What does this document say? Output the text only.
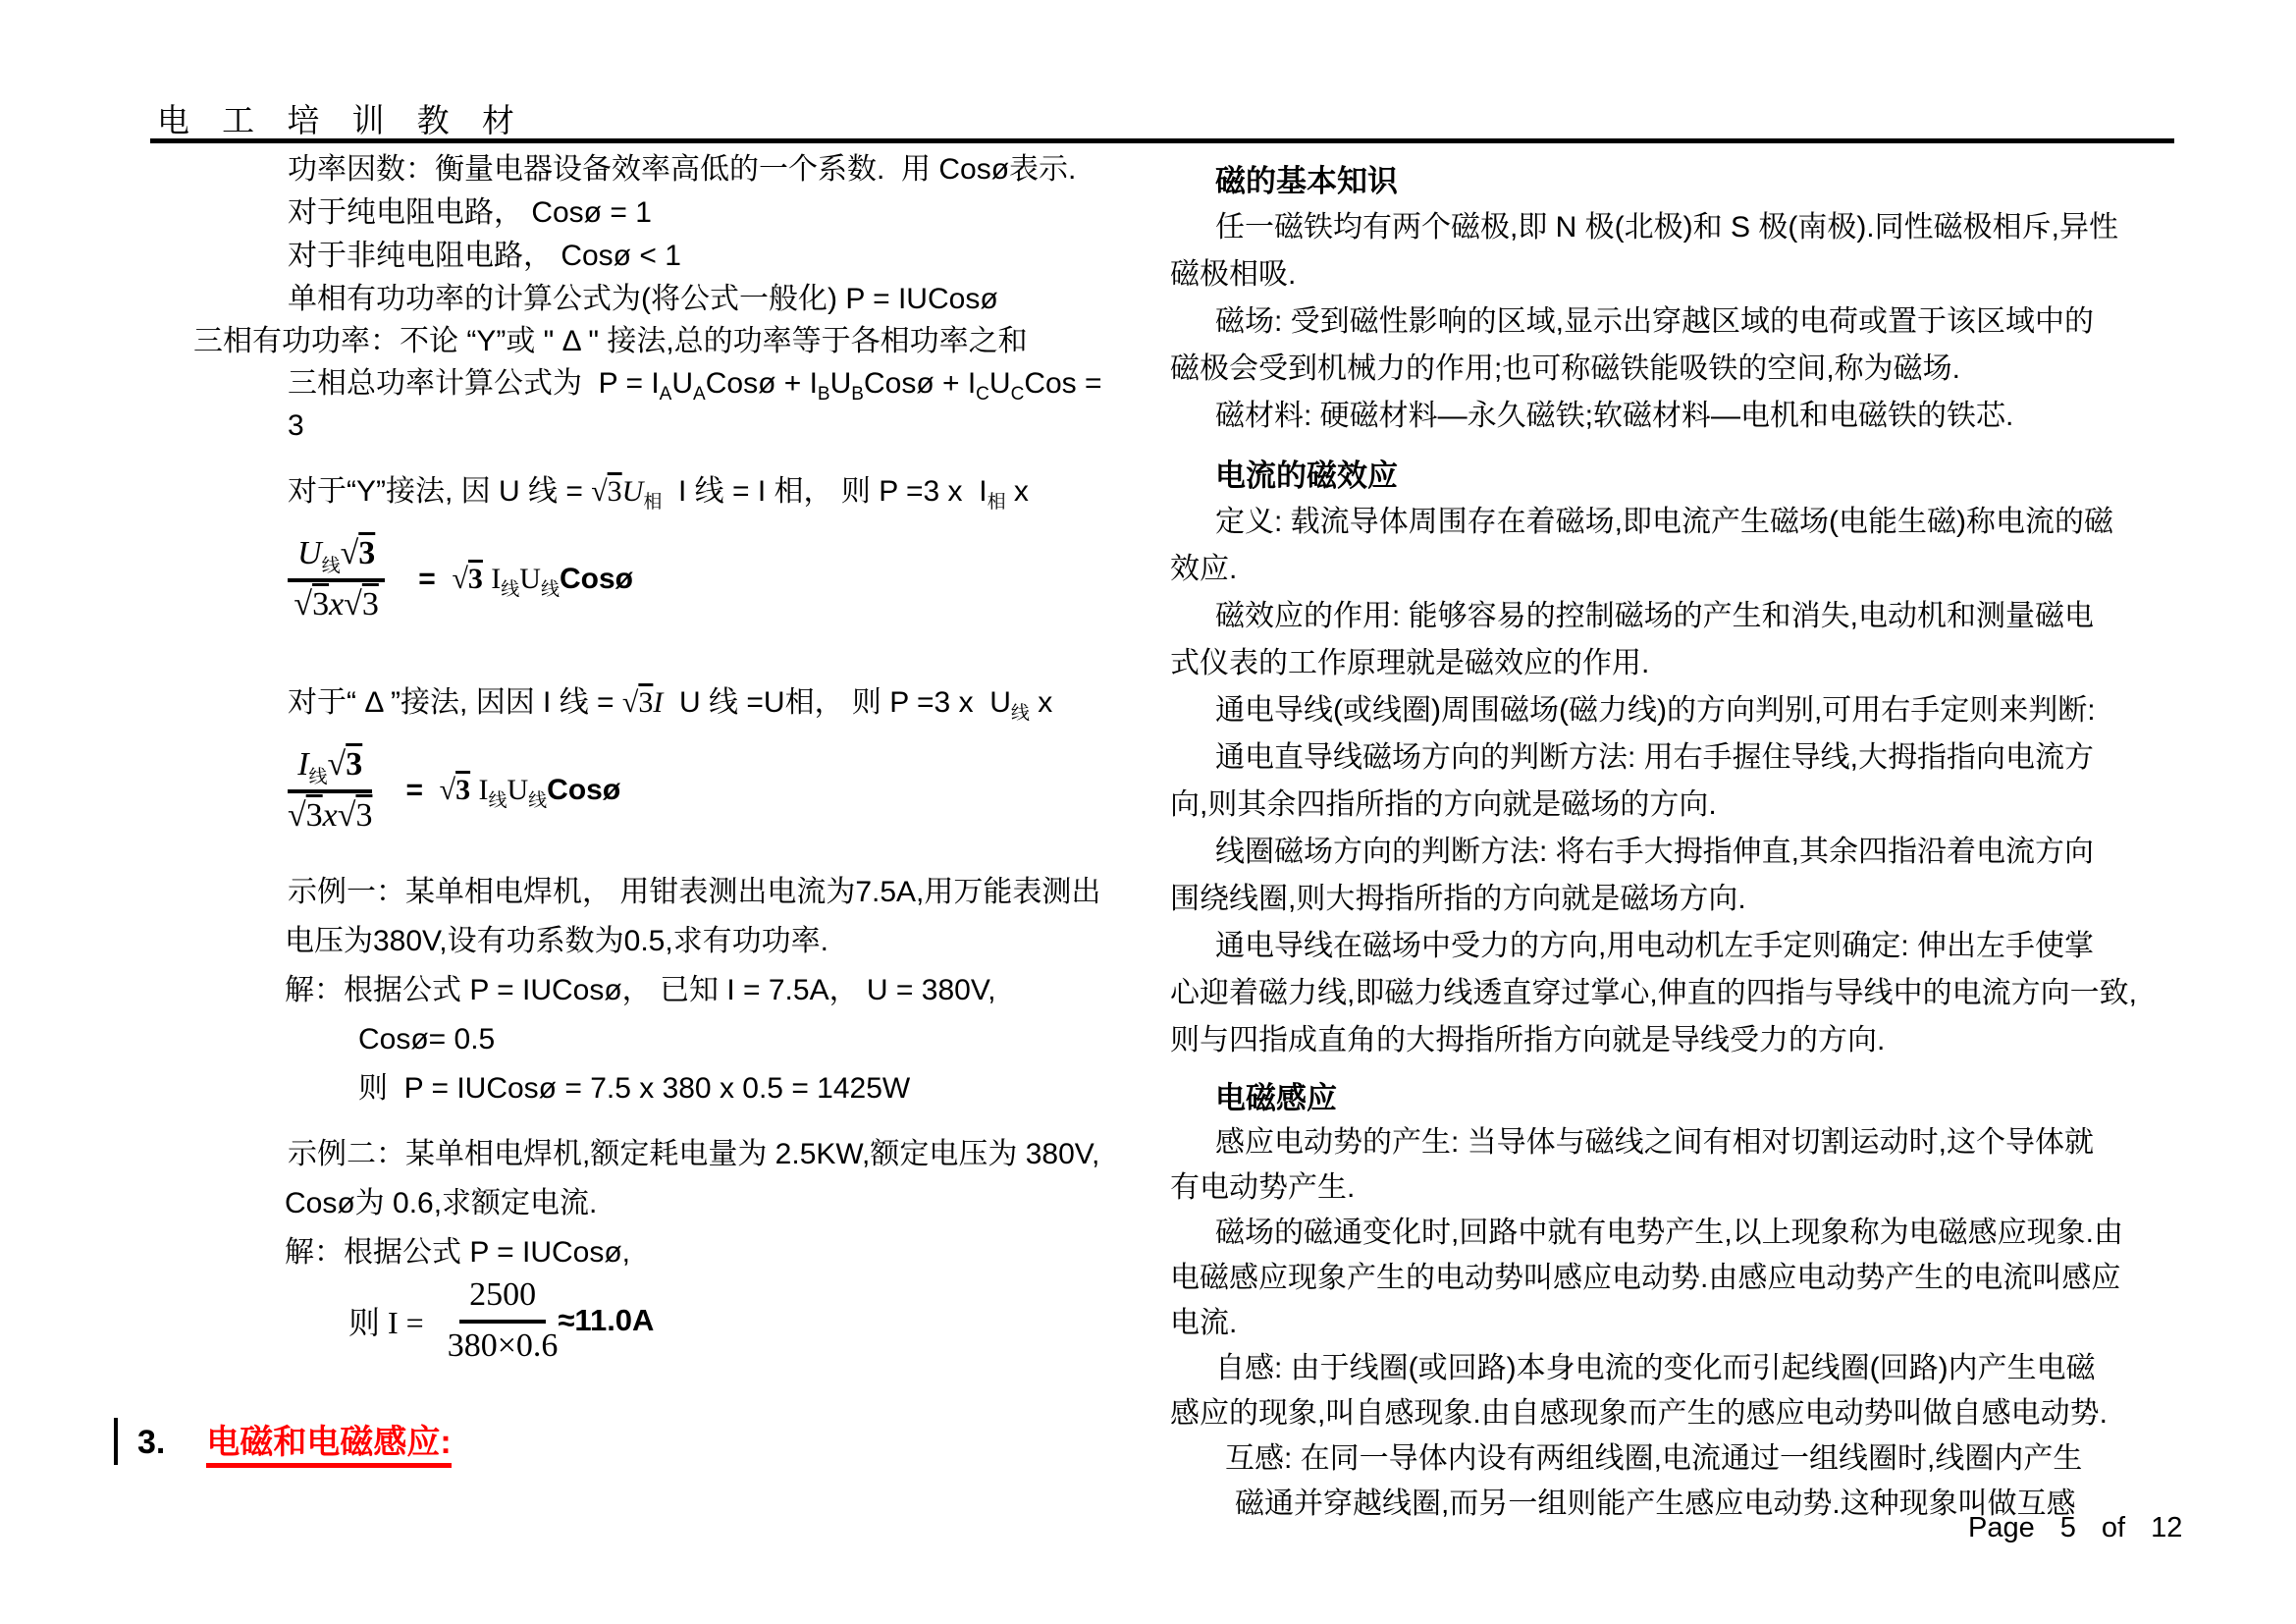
电 工 培 训 教 材
功率因数：衡量电器设备效率高低的一个系数.  用 Cosø表示.
对于纯电阻电路， Cosø = 1
对于非纯电阻电路， Cosø < 1
单相有功功率的计算公式为(将公式一般化) P = IUCosø
三相有功功率：不论 “Y”或 " Δ " 接法,总的功率等于各相功率之和
三相总功率计算公式为  $P = I_AU_ACosø$ + $I_BU_BCosø + I_CU_CCos$ =
3
对于“Y”接法, 因 U 线 = $√3U_相$  I 线 = I 相， 则 P =3 x  $I_相$ x
$\frac{U_线√3}{√3x√3} = √3$ $I_线U_线Cosø$
对于“ Δ ”接法, 因因 I 线 = √3I  U 线 =U相， 则 P =3 x  $U_线$ x
$\frac{I_线√3}{√3x√3} = √3$ $I_线U_线Cosø$
示例一：某单相电焊机， 用钳表测出电流为7.5A,用万能表测出
电压为380V,设有功系数为0.5,求有功功率.
解：根据公式 P = IUCosø， 已知 I = 7.5A， U = 380V,
Cosø= 0.5
则  P = IUCosø = 7.5 x 380 x 0.5 = 1425W
示例二：某单相电焊机,额定耗电量为 2.5KW,额定电压为 380V,
Cosø为 0.6,求额定电流.
解：根据公式 P = IUCosø,
则 $I = \frac{2500}{380\times 0.6} \approx 11.0A$
3. 电磁和电磁感应:
磁的基本知识
任一磁铁均有两个磁极,即 N 极(北极)和 S 极(南极).同性磁极相斥,异性
磁极相吸.
磁场: 受到磁性影响的区域,显示出穿越区域的电荷或置于该区域中的
磁极会受到机械力的作用;也可称磁铁能吸铁的空间,称为磁场.
磁材料: 硬磁材料—永久磁铁;软磁材料—电机和电磁铁的铁芯.
电流的磁效应
定义: 载流导体周围存在着磁场,即电流产生磁场(电能生磁)称电流的磁
效应.
磁效应的作用: 能够容易的控制磁场的产生和消失,电动机和测量磁电
式仪表的工作原理就是磁效应的作用.
通电导线(或线圈)周围磁场(磁力线)的方向判别,可用右手定则来判断:
通电直导线磁场方向的判断方法: 用右手握住导线,大拇指指向电流方
向,则其余四指所指的方向就是磁场的方向.
线圈磁场方向的判断方法: 将右手大拇指伸直,其余四指沿着电流方向
围绕线圈,则大拇指所指的方向就是磁场方向.
通电导线在磁场中受力的方向,用电动机左手定则确定: 伸出左手使掌
心迎着磁力线,即磁力线透直穿过掌心,伸直的四指与导线中的电流方向一致,
则与四指成直角的大拇指所指方向就是导线受力的方向.
电磁感应
感应电动势的产生: 当导体与磁线之间有相对切割运动时,这个导体就
有电动势产生.
磁场的磁通变化时,回路中就有电势产生,以上现象称为电磁感应现象.由
电磁感应现象产生的电动势叫感应电动势.由感应电动势产生的电流叫感应
电流.
自感: 由于线圈(或回路)本身电流的变化而引起线圈(回路)内产生电磁
感应的现象,叫自感现象.由自感现象而产生的感应电动势叫做自感电动势.
互感: 在同一导体内设有两组线圈,电流通过一组线圈时,线圈内产生
磁通并穿越线圈,而另一组则能产生感应电动势.这种现象叫做互感
Page 5 of 12
